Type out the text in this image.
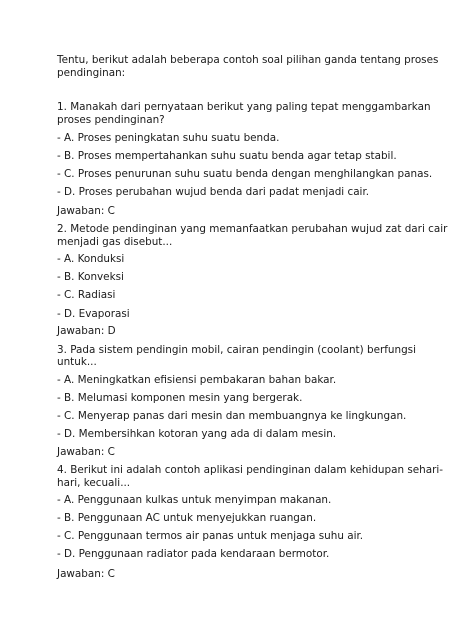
Tentu, berikut adalah beberapa contoh soal pilihan ganda tentang proses
pendinginan:
1. Manakah dari pernyataan berikut yang paling tepat menggambarkan
proses pendinginan?
- A. Proses peningkatan suhu suatu benda.
- B. Proses mempertahankan suhu suatu benda agar tetap stabil.
- C. Proses penurunan suhu suatu benda dengan menghilangkan panas.
- D. Proses perubahan wujud benda dari padat menjadi cair.
Jawaban: C
2. Metode pendinginan yang memanfaatkan perubahan wujud zat dari cair
menjadi gas disebut...
- A. Konduksi
- B. Konveksi
- C. Radiasi
- D. Evaporasi
Jawaban: D
3. Pada sistem pendingin mobil, cairan pendingin (coolant) berfungsi
untuk...
- A. Meningkatkan efisiensi pembakaran bahan bakar.
- B. Melumasi komponen mesin yang bergerak.
- C. Menyerap panas dari mesin dan membuangnya ke lingkungan.
- D. Membersihkan kotoran yang ada di dalam mesin.
Jawaban: C
4. Berikut ini adalah contoh aplikasi pendinginan dalam kehidupan sehari-
hari, kecuali...
- A. Penggunaan kulkas untuk menyimpan makanan.
- B. Penggunaan AC untuk menyejukkan ruangan.
- C. Penggunaan termos air panas untuk menjaga suhu air.
- D. Penggunaan radiator pada kendaraan bermotor.
Jawaban: C
